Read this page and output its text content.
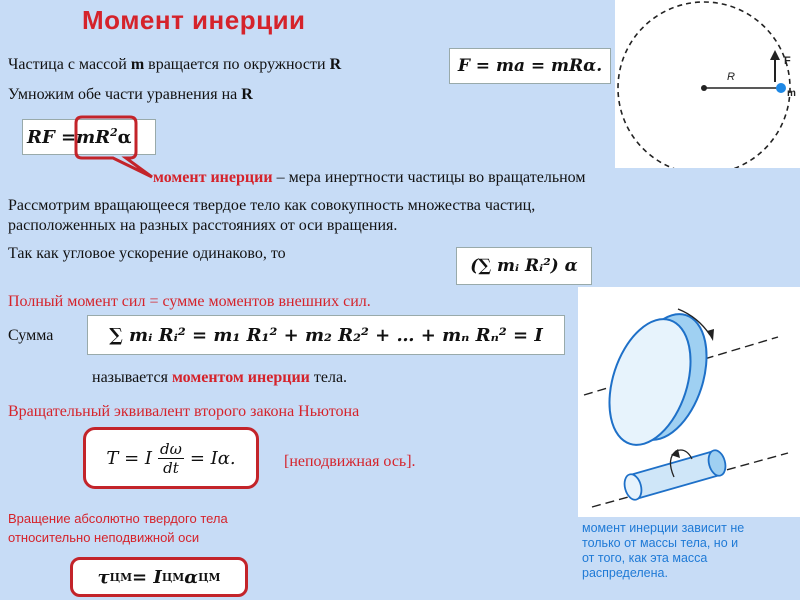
Момент инерции
Частица с массой m вращается по окружности R
Умножим обе части уравнения на R
F = ma = mRα.
RF = $mR^2$ α
момент инерции – мера инертности частицы во вращательном
Рассмотрим вращающееся твердое тело как совокупность множества частиц,
расположенных на разных расстояниях от оси вращения.
Так как угловое ускорение одинаково, то
(∑ mᵢ Rᵢ²) α
Полный момент сил = сумме моментов внешних сил.
Сумма	∑ mᵢ Rᵢ² = m₁ R₁² + m₂ R₂² + … + mₙ Rₙ² = I
называется моментом инерции тела.
Вращательный эквивалент второго закона Ньютона
T = I $\frac{d\omega}{dt} = I\alpha$.	[неподвижная ось].
Вращение абсолютно твердого тела
относительно неподвижной оси
τ ЦМ = I ЦМ α ЦМ
R
F
m
момент инерции зависит не
только от массы тела, но и
от того, как эта масса
распределена.
